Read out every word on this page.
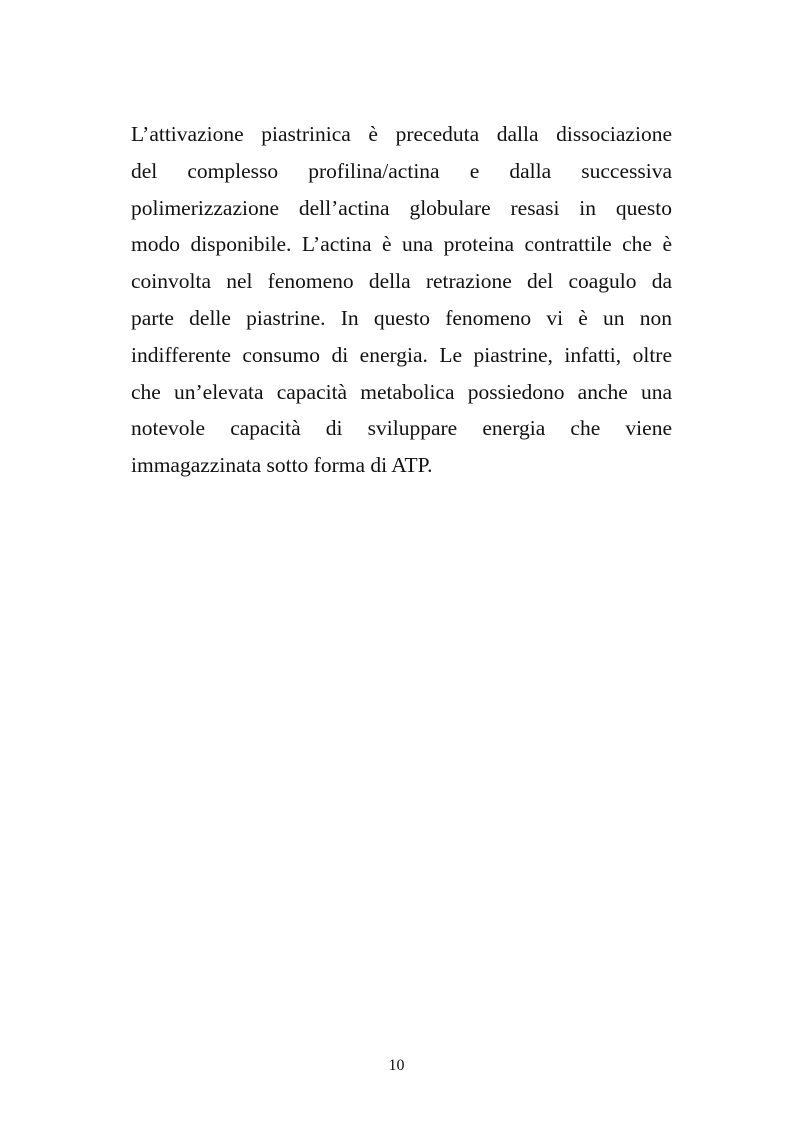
L’attivazione piastrinica è preceduta dalla dissociazione
del complesso profilina/actina e dalla successiva
polimerizzazione dell’actina globulare resasi in questo
modo disponibile. L’actina è una proteina contrattile che è
coinvolta nel fenomeno della retrazione del coagulo da
parte delle piastrine. In questo fenomeno vi è un non
indifferente consumo di energia. Le piastrine, infatti, oltre
che un’elevata capacità metabolica possiedono anche una
notevole capacità di sviluppare energia che viene
immagazzinata sotto forma di ATP.

10
